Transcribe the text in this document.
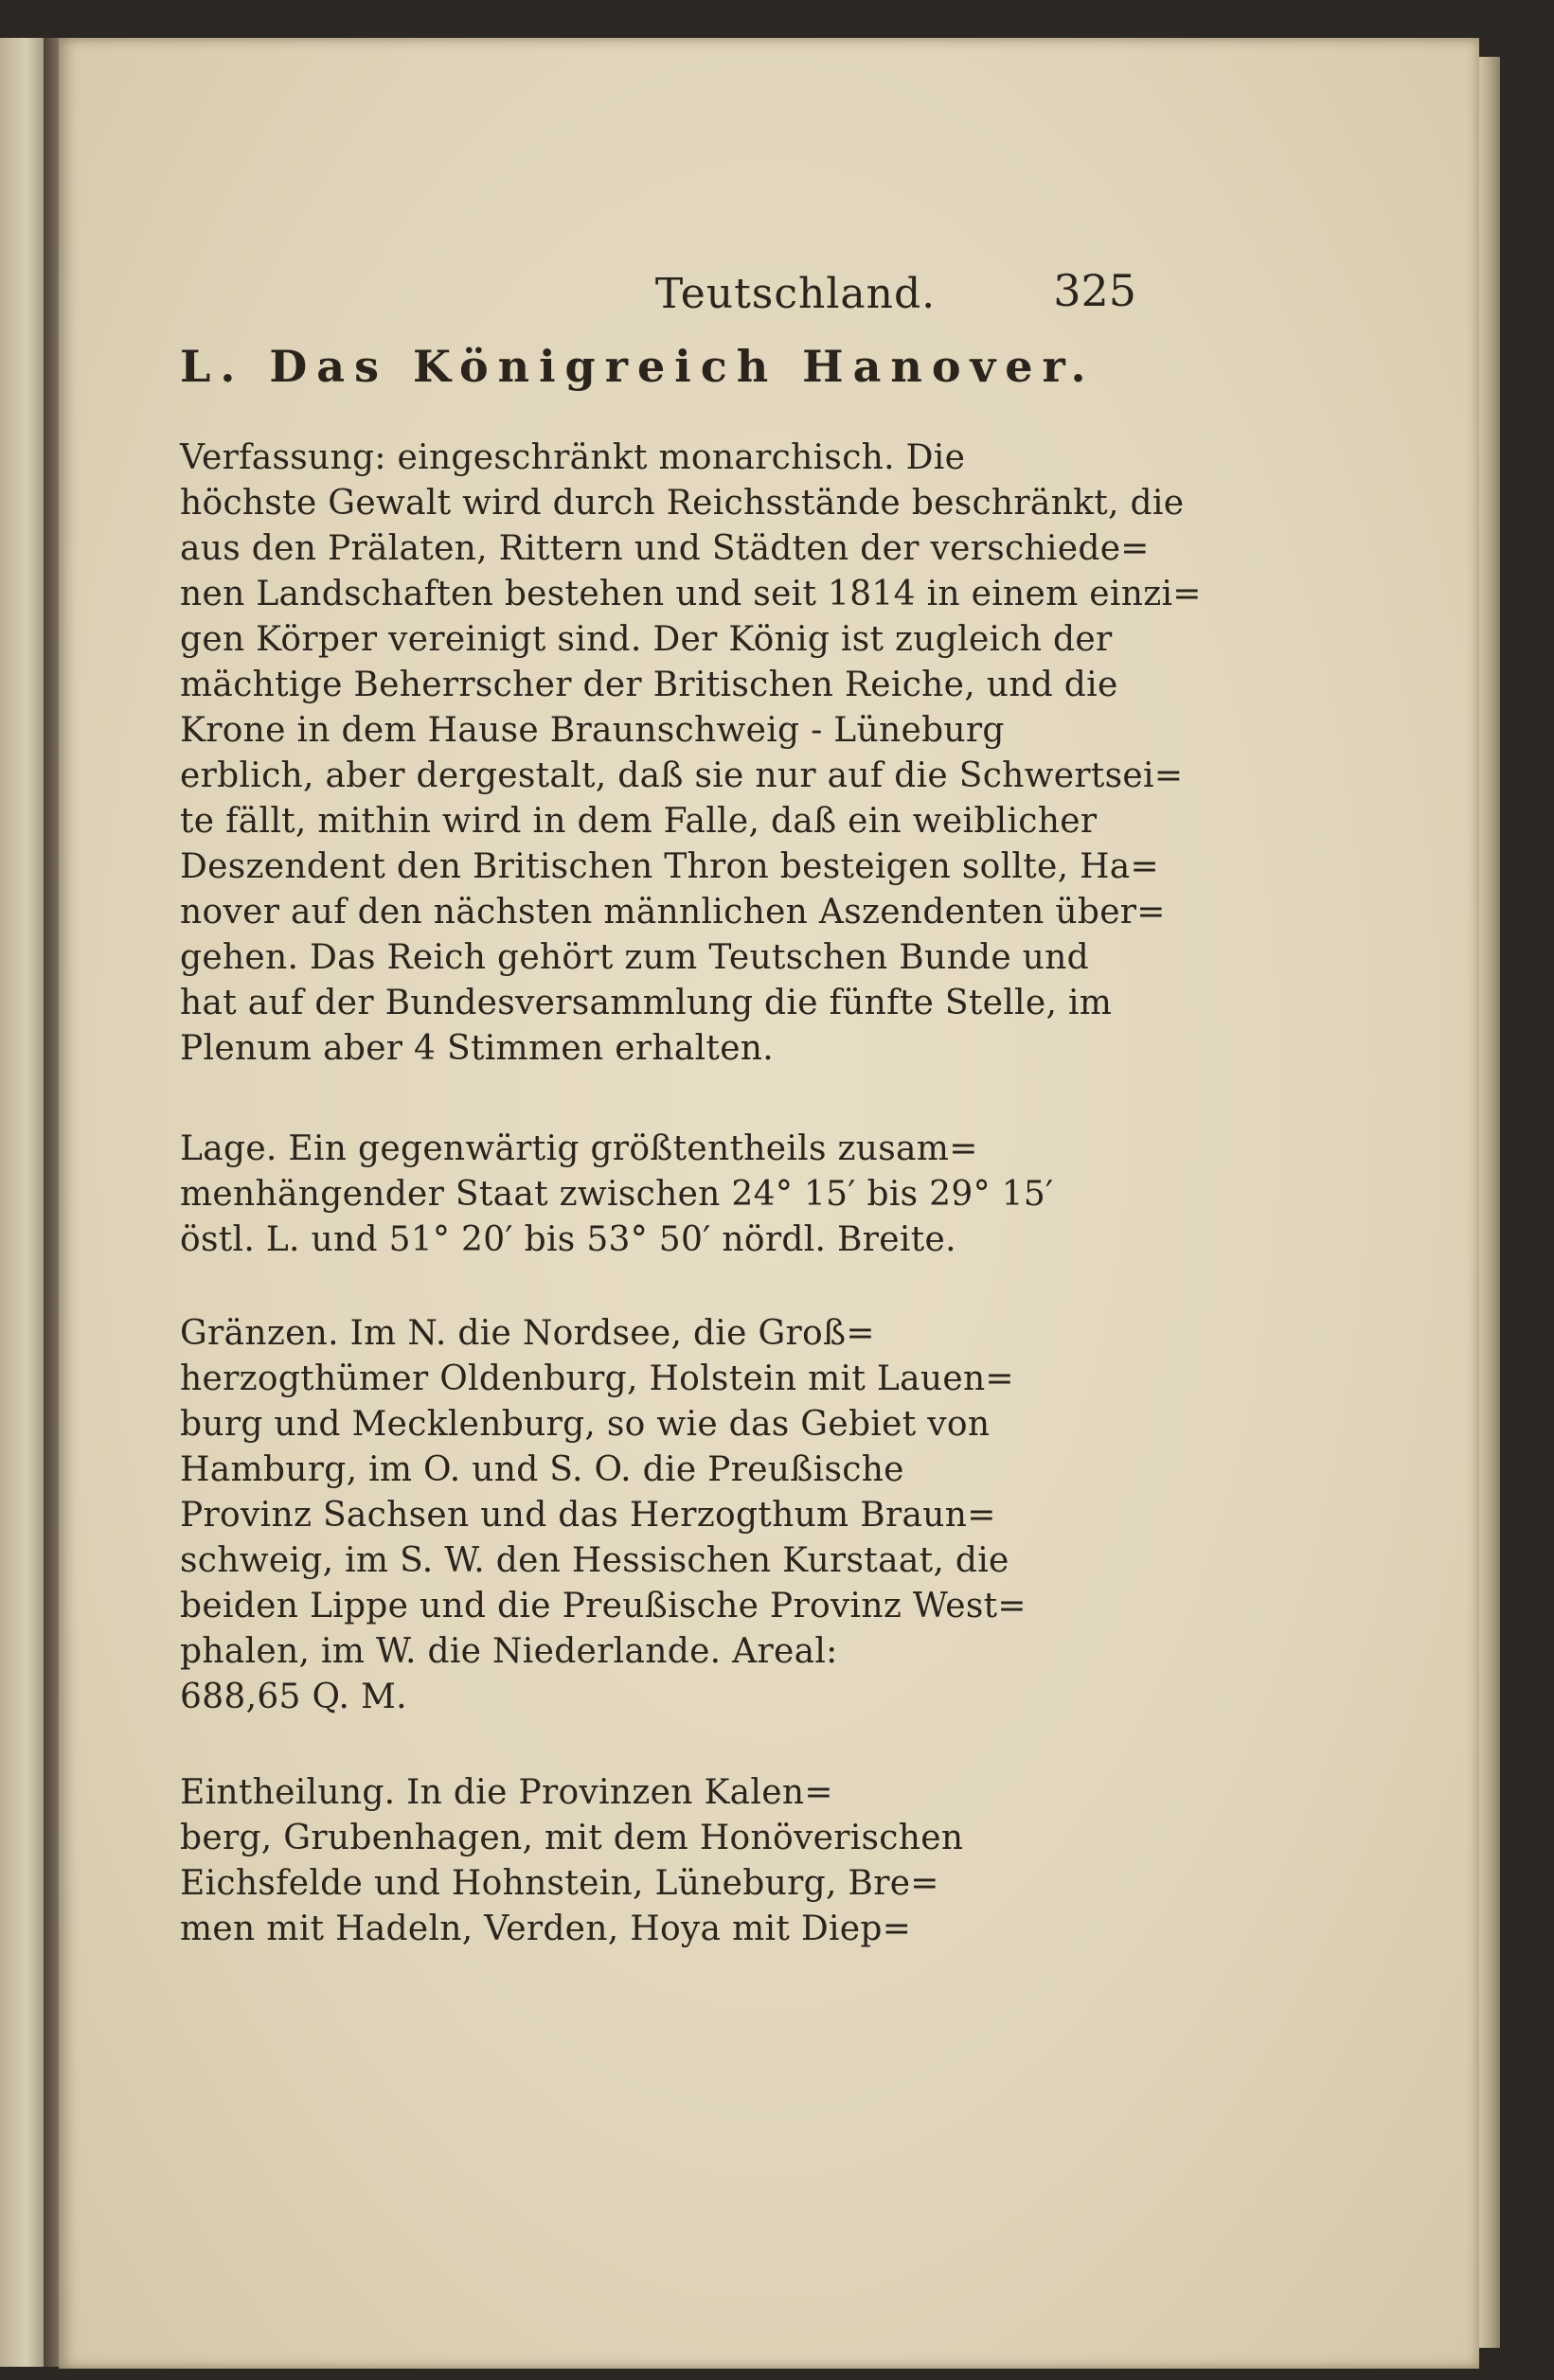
Teutschland.	325
L. Das Königreich Hanover.
Verfassung: eingeschränkt monarchisch. Die
höchste Gewalt wird durch Reichsstände beschränkt, die
aus den Prälaten, Rittern und Städten der verschiede=
nen Landschaften bestehen und seit 1814 in einem einzi=
gen Körper vereinigt sind. Der König ist zugleich der
mächtige Beherrscher der Britischen Reiche, und die
Krone in dem Hause Braunschweig - Lüneburg
erblich, aber dergestalt, daß sie nur auf die Schwertsei=
te fällt, mithin wird in dem Falle, daß ein weiblicher
Deszendent den Britischen Thron besteigen sollte, Ha=
nover auf den nächsten männlichen Aszendenten über=
gehen. Das Reich gehört zum Teutschen Bunde und
hat auf der Bundesversammlung die fünfte Stelle, im
Plenum aber 4 Stimmen erhalten.
Lage. Ein gegenwärtig größtentheils zusam=
menhängender Staat zwischen 24° 15′ bis 29° 15′
östl. L. und 51° 20′ bis 53° 50′ nördl. Breite.
Gränzen. Im N. die Nordsee, die Groß=
herzogthümer Oldenburg, Holstein mit Lauen=
burg und Mecklenburg, so wie das Gebiet von
Hamburg, im O. und S. O. die Preußische
Provinz Sachsen und das Herzogthum Braun=
schweig, im S. W. den Hessischen Kurstaat, die
beiden Lippe und die Preußische Provinz West=
phalen, im W. die Niederlande. Areal:
688,65 Q. M.
Eintheilung. In die Provinzen Kalen=
berg, Grubenhagen, mit dem Honöverischen
Eichsfelde und Hohnstein, Lüneburg, Bre=
men mit Hadeln, Verden, Hoya mit Diep=
